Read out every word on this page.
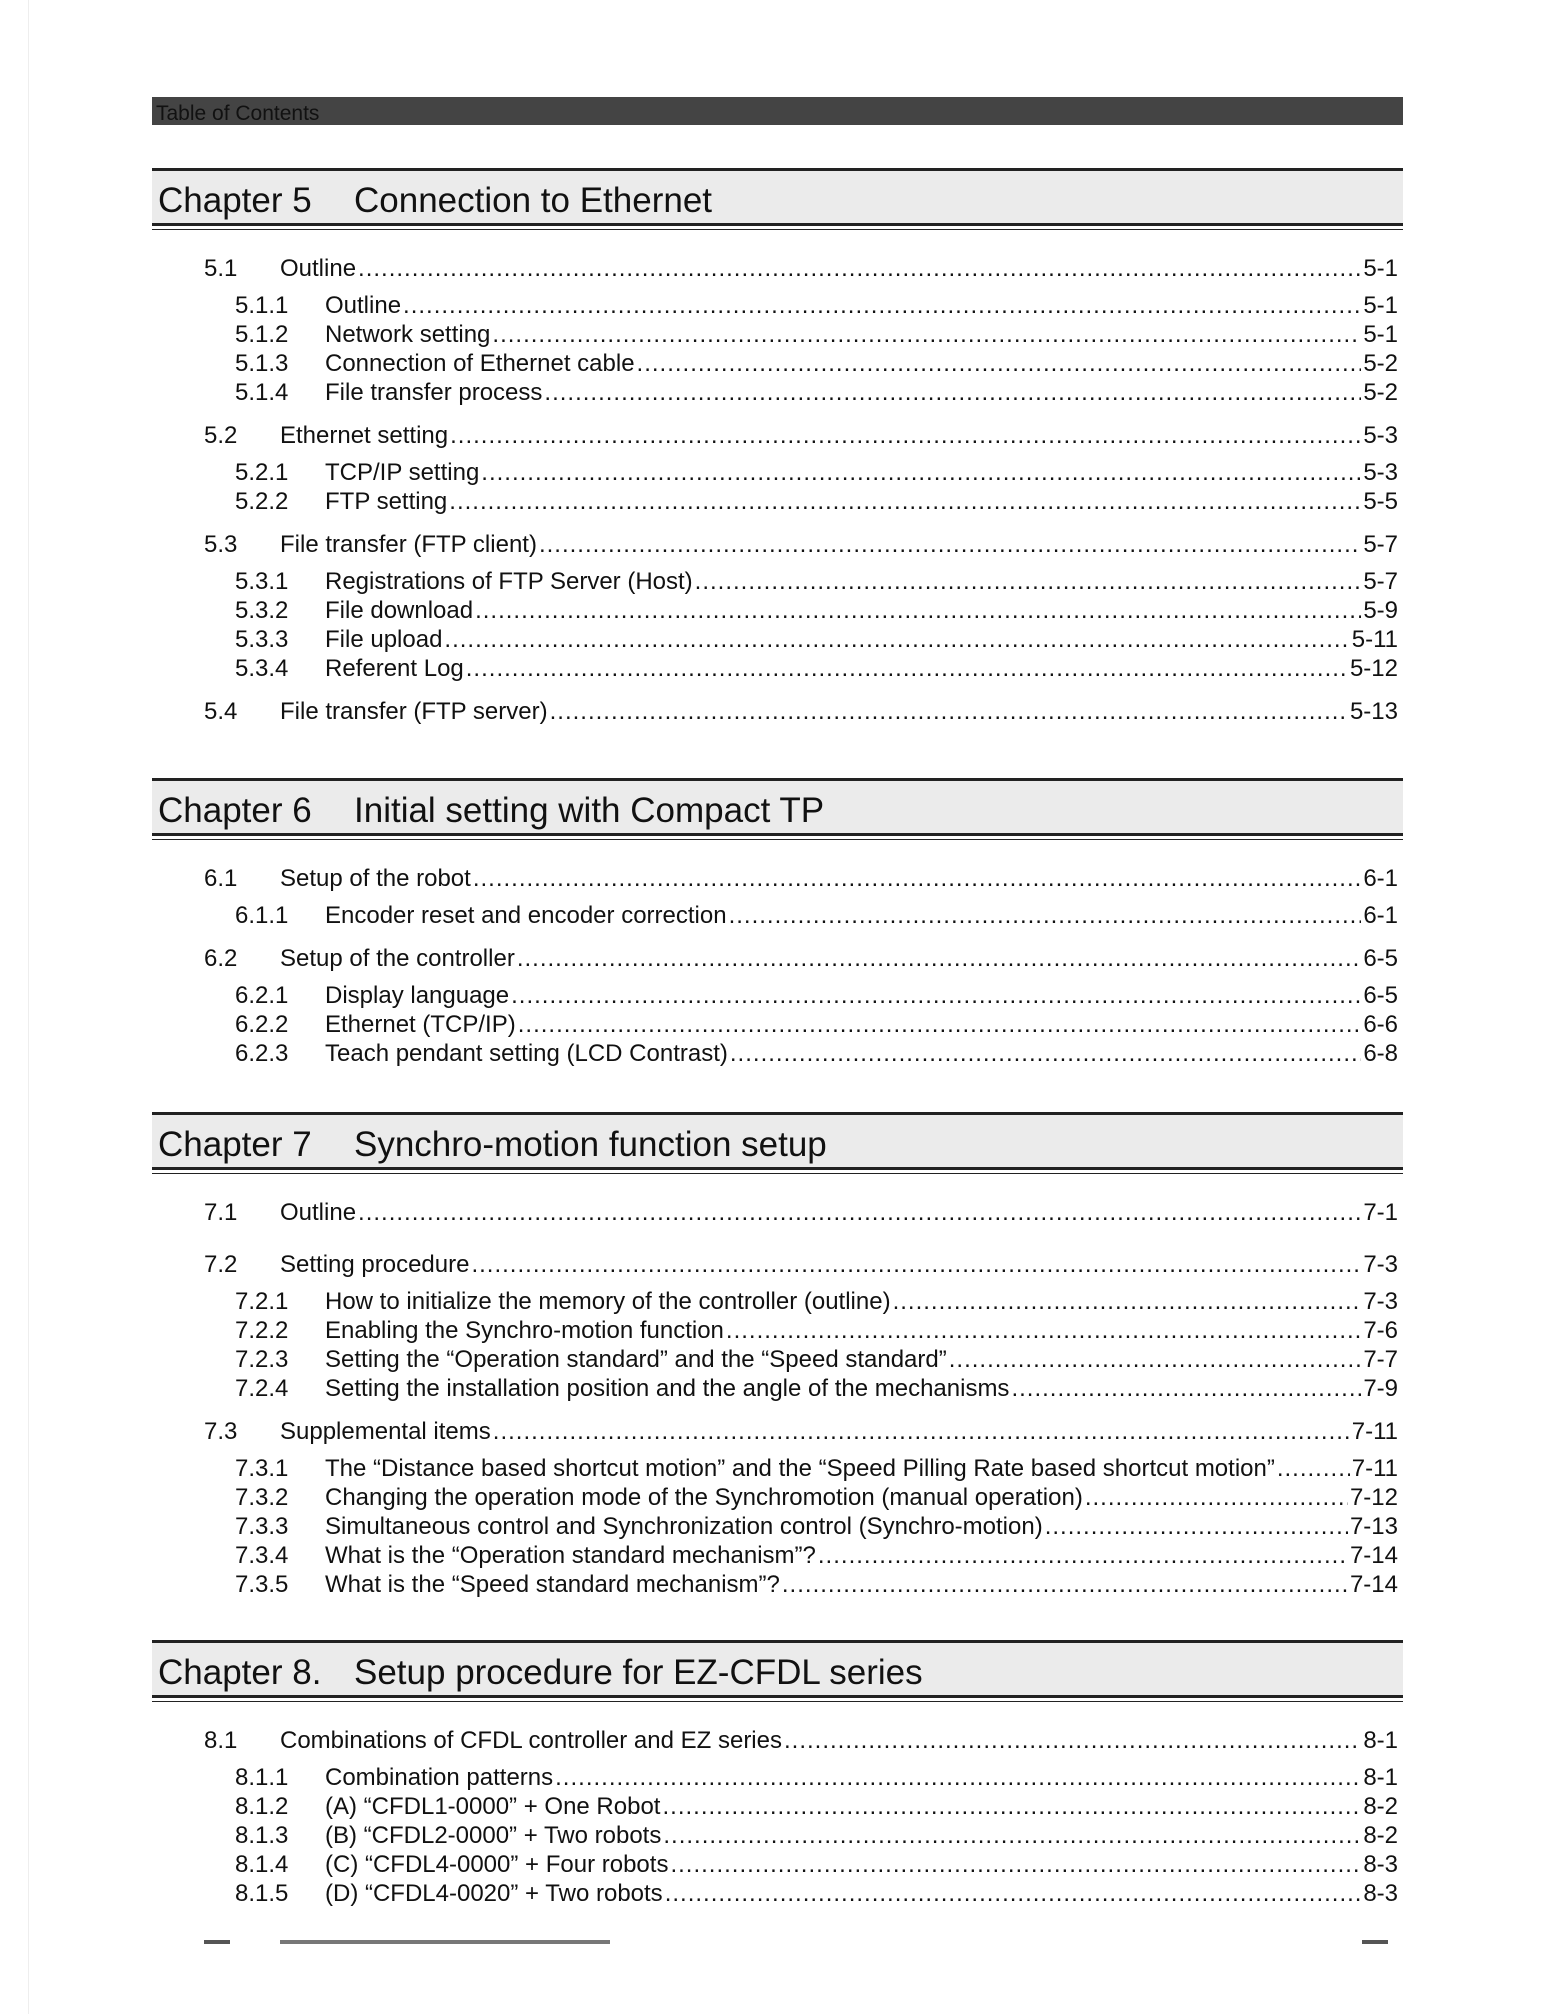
Table of Contents
Chapter 5 Connection to Ethernet
5.1	Outline .....	5-1
5.1.1	Outline .....	5-1
5.1.2	Network setting .....	5-1
5.1.3	Connection of Ethernet cable .....	5-2
5.1.4	File transfer process .....	5-2
5.2	Ethernet setting .....	5-3
5.2.1	TCP/IP setting .....	5-3
5.2.2	FTP setting .....	5-5
5.3	File transfer (FTP client) .....	5-7
5.3.1	Registrations of FTP Server (Host) .....	5-7
5.3.2	File download .....	5-9
5.3.3	File upload .....	5-11
5.3.4	Referent Log .....	5-12
5.4	File transfer (FTP server) .....	5-13
Chapter 6 Initial setting with Compact TP
6.1	Setup of the robot .....	6-1
6.1.1	Encoder reset and encoder correction .....	6-1
6.2	Setup of the controller .....	6-5
6.2.1	Display language .....	6-5
6.2.2	Ethernet (TCP/IP) .....	6-6
6.2.3	Teach pendant setting (LCD Contrast) .....	6-8
Chapter 7 Synchro-motion function setup
7.1	Outline .....	7-1
7.2	Setting procedure .....	7-3
7.2.1	How to initialize the memory of the controller (outline) .....	7-3
7.2.2	Enabling the Synchro-motion function .....	7-6
7.2.3	Setting the “Operation standard” and the “Speed standard” .....	7-7
7.2.4	Setting the installation position and the angle of the mechanisms .....	7-9
7.3	Supplemental items .....	7-11
7.3.1	The “Distance based shortcut motion” and the “Speed Pilling Rate based shortcut motion” .....	7-11
7.3.2	Changing the operation mode of the Synchromotion (manual operation) .....	7-12
7.3.3	Simultaneous control and Synchronization control (Synchro-motion) .....	7-13
7.3.4	What is the “Operation standard mechanism”? .....	7-14
7.3.5	What is the “Speed standard mechanism”? .....	7-14
Chapter 8. Setup procedure for EZ-CFDL series
8.1	Combinations of CFDL controller and EZ series .....	8-1
8.1.1	Combination patterns .....	8-1
8.1.2	(A) “CFDL1-0000” + One Robot .....	8-2
8.1.3	(B) “CFDL2-0000” + Two robots .....	8-2
8.1.4	(C) “CFDL4-0000” + Four robots .....	8-3
8.1.5	(D) “CFDL4-0020” + Two robots .....	8-3
